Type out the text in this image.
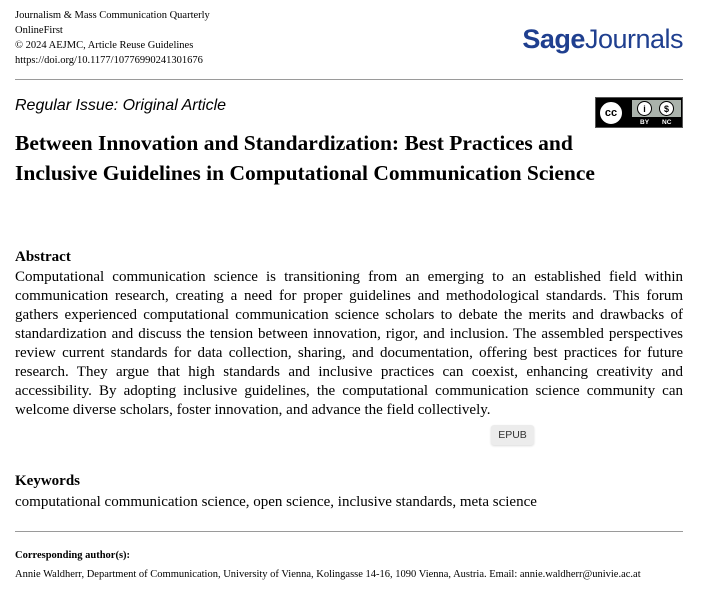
Journalism & Mass Communication Quarterly
OnlineFirst
© 2024 AEJMC, Article Reuse Guidelines
https://doi.org/10.1177/10776990241301676
SageJournals
Regular Issue: Original Article	cc	i	$
BY NC
Between Innovation and Standardization: Best Practices and Inclusive Guidelines in Computational Communication Science
Abstract
Computational communication science is transitioning from an emerging to an established field within communication research, creating a need for proper guidelines and methodological standards. This forum gathers experienced computational communication science scholars to debate the merits and drawbacks of standardization and discuss the tension between innovation, rigor, and inclusion. The assembled perspectives review current standards for data collection, sharing, and documentation, offering best practices for future research. They argue that high standards and inclusive practices can coexist, enhancing creativity and accessibility. By adopting inclusive guidelines, the computational communication science community can welcome diverse scholars, foster innovation, and advance the field collectively.
EPUB
Keywords
computational communication science, open science, inclusive standards, meta science
Corresponding author(s):
Annie Waldherr, Department of Communication, University of Vienna, Kolingasse 14-16, 1090 Vienna, Austria. Email: annie.waldherr@univie.ac.at
